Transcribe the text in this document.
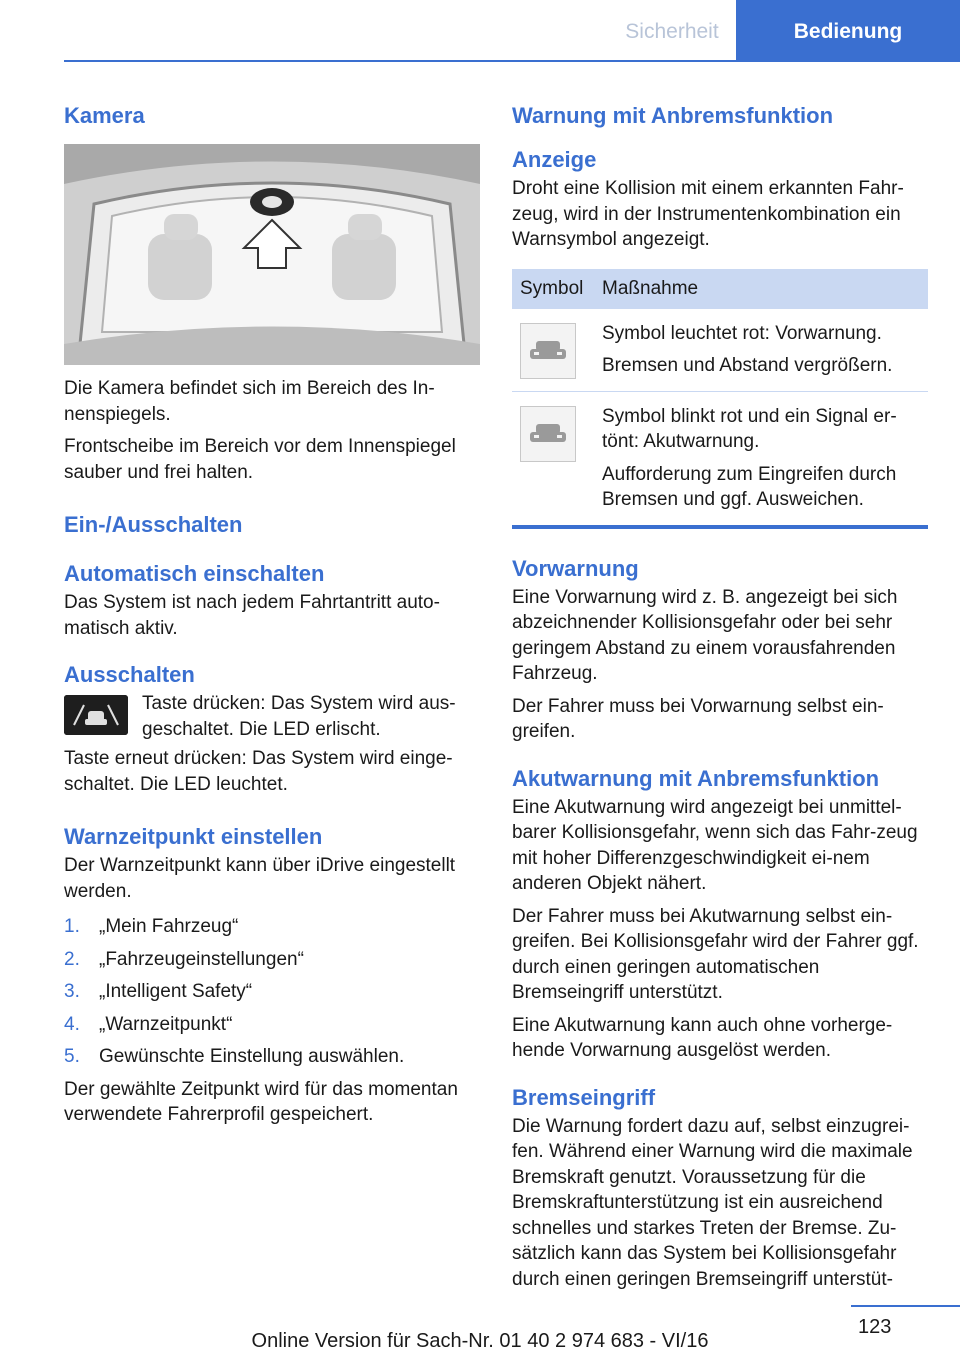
Sicherheit	Bedienung
Kamera

Die Kamera befindet sich im Bereich des In-nenspiegels.

Frontscheibe im Bereich vor dem Innenspiegel sauber und frei halten.

Ein-/Ausschalten
Automatisch einschalten

Das System ist nach jedem Fahrtantritt auto-matisch aktiv.

Ausschalten

Taste drücken: Das System wird aus-geschaltet. Die LED erlischt.

Taste erneut drücken: Das System wird einge-schaltet. Die LED leuchtet.

Warnzeitpunkt einstellen

Der Warnzeitpunkt kann über iDrive eingestellt werden.

1.	„Mein Fahrzeug“
2.	„Fahrzeugeinstellungen“
3.	„Intelligent Safety“
4.	„Warnzeitpunkt“
5.	Gewünschte Einstellung auswählen.

Der gewählte Zeitpunkt wird für das momentan verwendete Fahrerprofil gespeichert.

Warnung mit Anbremsfunktion
Anzeige

Droht eine Kollision mit einem erkannten Fahr-zeug, wird in der Instrumentenkombination ein Warnsymbol angezeigt.

Symbol Maßnahme

Symbol leuchtet rot: Vorwarnung.

Bremsen und Abstand vergrößern.

Symbol blinkt rot und ein Signal er-tönt: Akutwarnung.

Aufforderung zum Eingreifen durch Bremsen und ggf. Ausweichen.

Vorwarnung

Eine Vorwarnung wird z. B. angezeigt bei sich abzeichnender Kollisionsgefahr oder bei sehr geringem Abstand zu einem vorausfahrenden Fahrzeug.

Der Fahrer muss bei Vorwarnung selbst ein-greifen.

Akutwarnung mit Anbremsfunktion

Eine Akutwarnung wird angezeigt bei unmittel-barer Kollisionsgefahr, wenn sich das Fahr-zeug mit hoher Differenzgeschwindigkeit ei-nem anderen Objekt nähert.

Der Fahrer muss bei Akutwarnung selbst ein-greifen. Bei Kollisionsgefahr wird der Fahrer ggf. durch einen geringen automatischen Bremseingriff unterstützt.

Eine Akutwarnung kann auch ohne vorherge-hende Vorwarnung ausgelöst werden.

Bremseingriff

Die Warnung fordert dazu auf, selbst einzugrei-fen. Während einer Warnung wird die maximale Bremskraft genutzt. Voraussetzung für die Bremskraftunterstützung ist ein ausreichend schnelles und starkes Treten der Bremse. Zu-sätzlich kann das System bei Kollisionsgefahr durch einen geringen Bremseingriff unterstüt-

123
Online Version für Sach-Nr. 01 40 2 974 683 - VI/16
